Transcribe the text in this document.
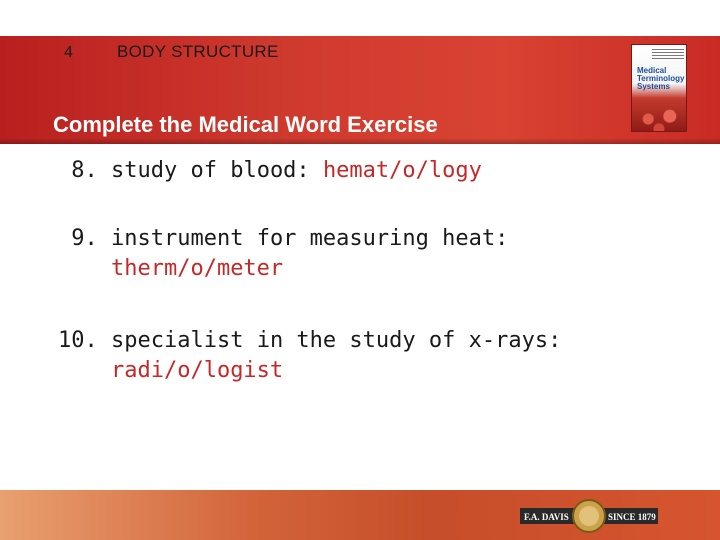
4	BODY STRUCTURE
Complete the Medical Word Exercise
Medical
Terminology
Systems
8. study of blood: hemat/o/logy
9. instrument for measuring heat:
therm/o/meter
10. specialist in the study of x-rays:
radi/o/logist
F.A. DAVIS	SINCE 1879
64
